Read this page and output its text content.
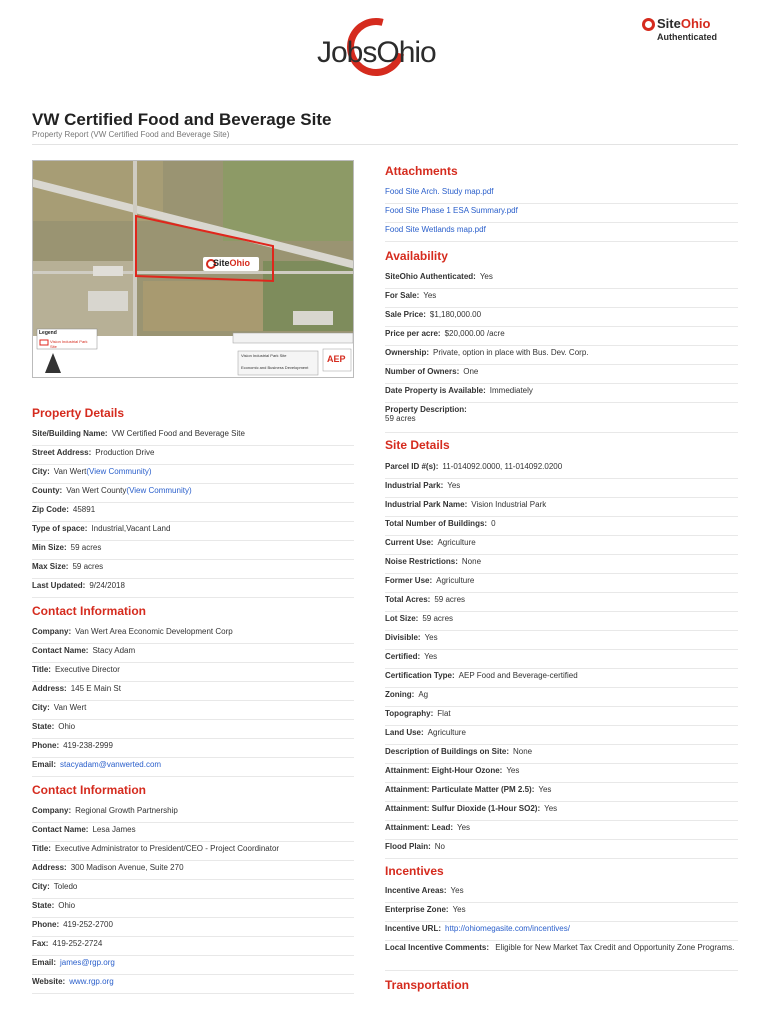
JobsOhio
SiteOhio
Authenticated
VW Certified Food and Beverage Site
Property Report (VW Certified Food and Beverage Site)
SiteOhio
Legend
Vision Industrial Park Site
Vision Industrial Park Site
Economic and Business Development
AEP
Attachments
Food Site Arch. Study map.pdf
Food Site Phase 1 ESA Summary.pdf
Food Site Wetlands map.pdf
Availability
SiteOhio Authenticated: Yes
For Sale: Yes
Sale Price: $1,180,000.00
Price per acre: $20,000.00 /acre
Ownership: Private, option in place with Bus. Dev. Corp.
Number of Owners: One
Date Property is Available: Immediately
Property Description:
59 acres
Property Details
Site/Building Name: VW Certified Food and Beverage Site
Street Address: Production Drive
City: Van Wert (View Community)
County: Van Wert County (View Community)
Zip Code: 45891
Type of space: Industrial,Vacant Land
Min Size: 59 acres
Max Size: 59 acres
Last Updated: 9/24/2018
Contact Information
Company: Van Wert Area Economic Development Corp
Contact Name: Stacy Adam
Title: Executive Director
Address: 145 E Main St
City: Van Wert
State: Ohio
Phone: 419-238-2999
Email: stacyadam@vanwerted.com
Contact Information
Company: Regional Growth Partnership
Contact Name: Lesa James
Title: Executive Administrator to President/CEO - Project Coordinator
Address: 300 Madison Avenue, Suite 270
City: Toledo
State: Ohio
Phone: 419-252-2700
Fax: 419-252-2724
Email: james@rgp.org
Website: www.rgp.org
Site Details
Parcel ID #(s): 11-014092.0000, 11-014092.0200
Industrial Park: Yes
Industrial Park Name: Vision Industrial Park
Total Number of Buildings: 0
Current Use: Agriculture
Noise Restrictions: None
Former Use: Agriculture
Total Acres: 59 acres
Lot Size: 59 acres
Divisible: Yes
Certified: Yes
Certification Type: AEP Food and Beverage-certified
Zoning: Ag
Topography: Flat
Land Use: Agriculture
Description of Buildings on Site: None
Attainment: Eight-Hour Ozone: Yes
Attainment: Particulate Matter (PM 2.5): Yes
Attainment: Sulfur Dioxide (1-Hour SO2): Yes
Attainment: Lead: Yes
Flood Plain: No
Incentives
Incentive Areas: Yes
Enterprise Zone: Yes
Incentive URL: http://ohiomegasite.com/incentives/
Local Incentive Comments: Eligible for New Market Tax Credit and Opportunity Zone Programs.
Transportation
